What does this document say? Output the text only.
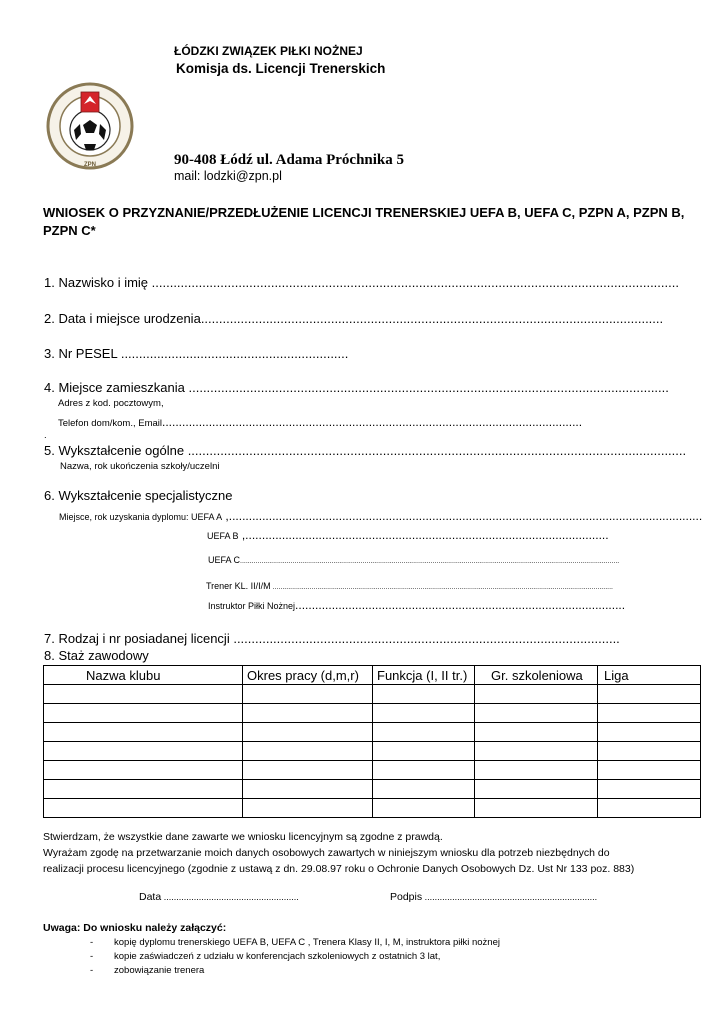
ZPN
ŁÓDZKI ZWIĄZEK PIŁKI NOŻNEJ
Komisja ds. Licencji Trenerskich
90-408 Łódź ul. Adama Próchnika 5
mail: lodzki@zpn.pl
WNIOSEK O PRZYZNANIE/PRZEDŁUŻENIE LICENCJI TRENERSKIEJ UEFA B, UEFA C, PZPN A, PZPN B, PZPN C*
1. Nazwisko i imię ..................................................................................................................................................
2. Data i miejsce urodzenia................................................................................................................................
3. Nr PESEL ...............................................................
4. Miejsce zamieszkania .....................................................................................................................................
Adres z kod. pocztowym,
Telefon dom/kom., Email..............................................................................................................................
.
5. Wykształcenie ogólne ..........................................................................................................................................
Nazwa, rok ukończenia szkoły/uczelni
6. Wykształcenie specjalistyczne
Miejsce, rok uzyskania dyplomu: UEFA A ,..............................................................................................................................................
UEFA B ,.............................................................................................................
UEFA C...................................................................................................................................................................................................
Trener KL. II/I/M ...............................................................................................................................................................................
Instruktor Piłki Nożnej...................................................................................................
7. Rodzaj i nr posiadanej licencji ...........................................................................................................
8. Staż zawodowy
Nazwa klubu	Okres pracy (d,m,r)	Funkcja (I, II tr.)	Gr. szkoleniowa	Liga

Stwierdzam, że wszystkie dane zawarte we wniosku licencyjnym są zgodne z prawdą.
Wyrażam zgodę na przetwarzanie moich danych osobowych zawartych w niniejszym wniosku dla potrzeb niezbędnych do
realizacji procesu licencyjnego (zgodnie z ustawą z dn. 29.08.97 roku o Ochronie Danych Osobowych Dz. Ust Nr 133 poz. 883)
Data ......................................................	Podpis .....................................................................
Uwaga: Do wniosku należy załączyć:
- kopię dyplomu trenerskiego UEFA B, UEFA C , Trenera Klasy II, I, M, instruktora piłki nożnej
- kopie zaświadczeń z udziału w konferencjach szkoleniowych z ostatnich 3 lat,
- zobowiązanie trenera
